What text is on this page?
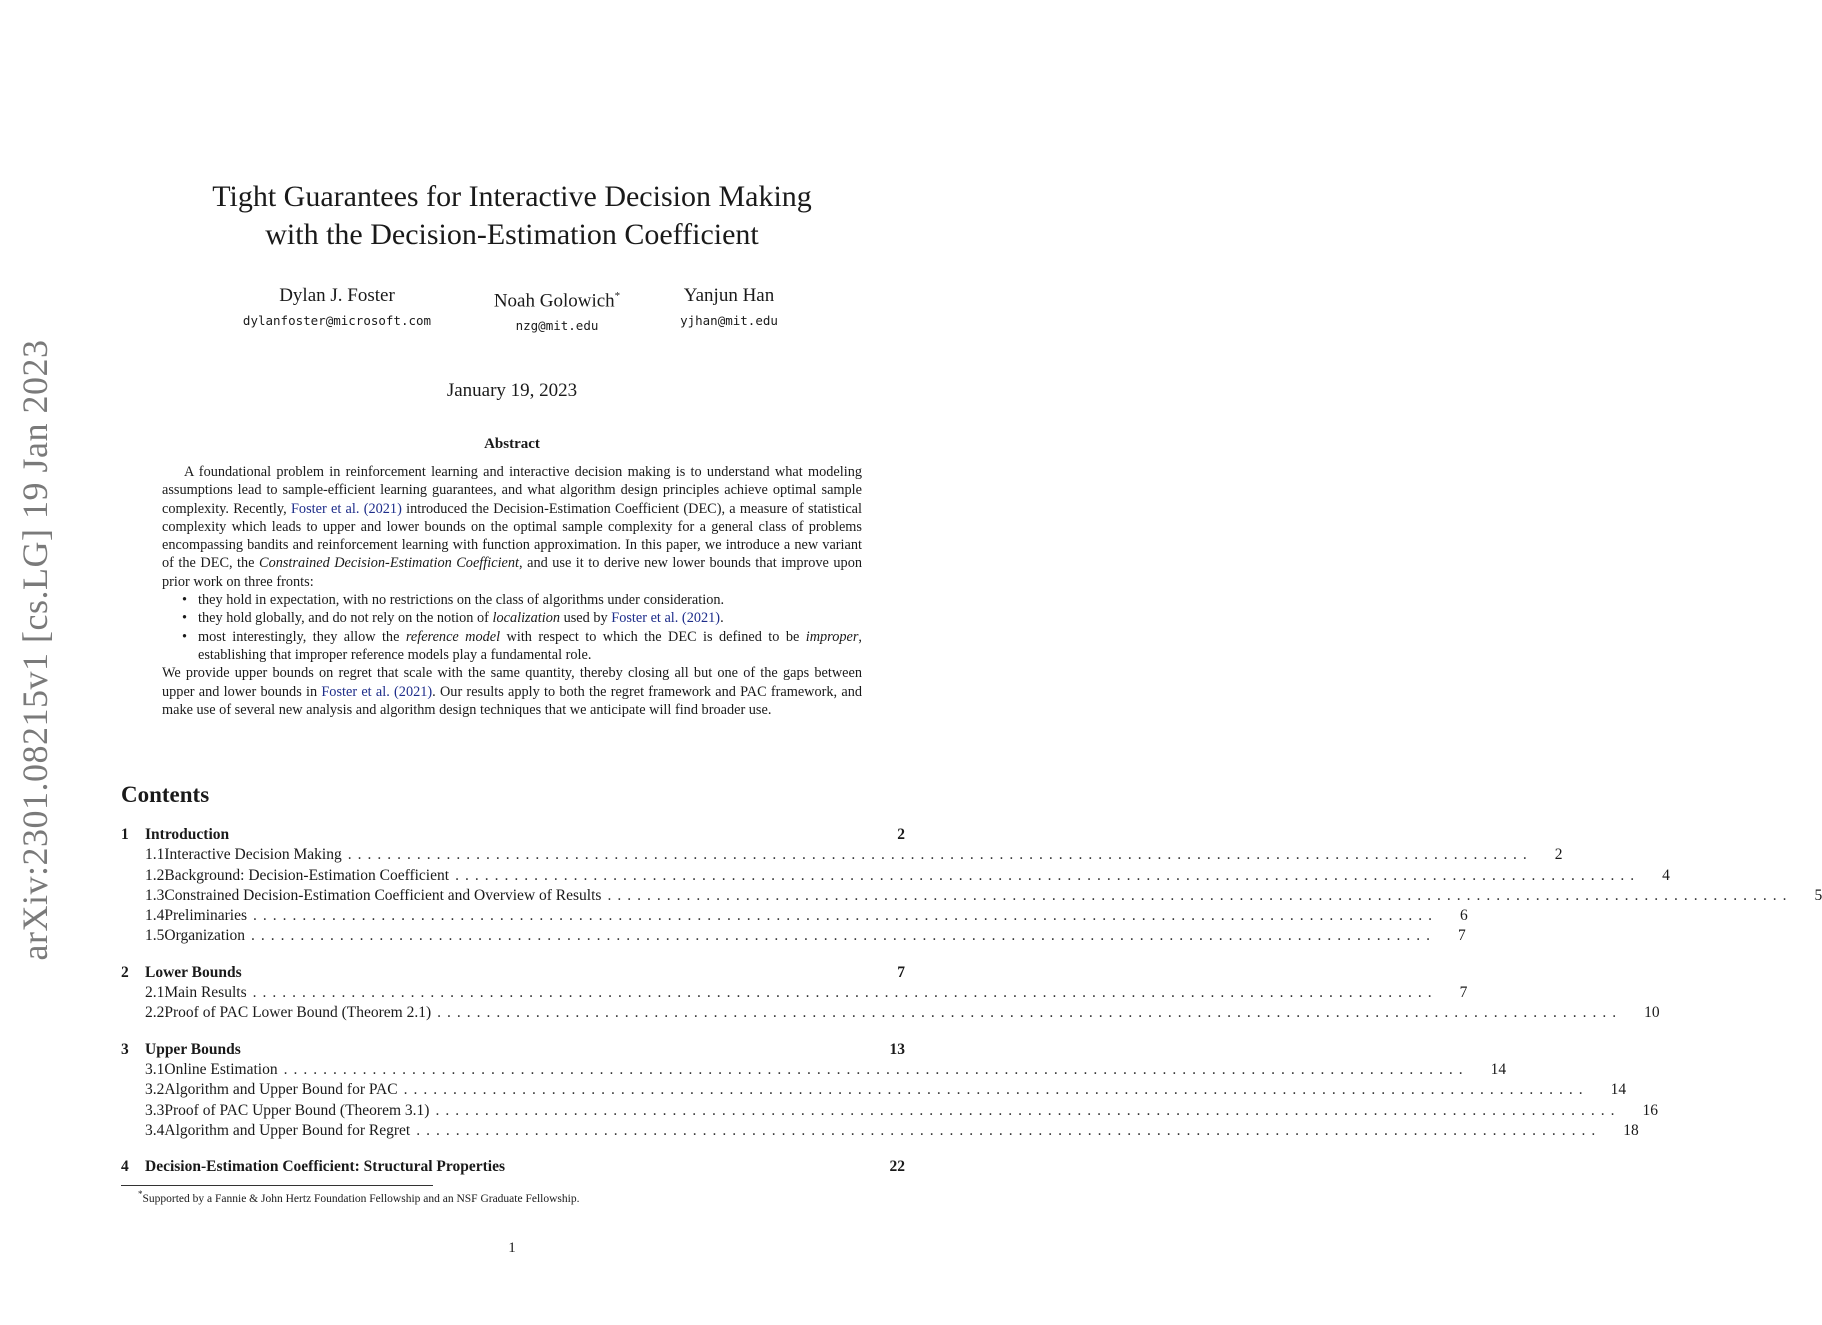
arXiv:2301.08215v1 [cs.LG] 19 Jan 2023
Tight Guarantees for Interactive Decision Making
with the Decision-Estimation Coefficient
Dylan J. Foster
dylanfoster@microsoft.com
Noah Golowich*
nzg@mit.edu
Yanjun Han
yjhan@mit.edu
January 19, 2023
Abstract

A foundational problem in reinforcement learning and interactive decision making is to understand what modeling assumptions lead to sample-efficient learning guarantees, and what algorithm design principles achieve optimal sample complexity. Recently, Foster et al. (2021) introduced the Decision-Estimation Coefficient (DEC), a measure of statistical complexity which leads to upper and lower bounds on the optimal sample complexity for a general class of problems encompassing bandits and reinforcement learning with function approximation. In this paper, we introduce a new variant of the DEC, the Constrained Decision-Estimation Coefficient, and use it to derive new lower bounds that improve upon prior work on three fronts:

• they hold in expectation, with no restrictions on the class of algorithms under consideration.
• they hold globally, and do not rely on the notion of localization used by Foster et al. (2021).
• most interestingly, they allow the reference model with respect to which the DEC is defined to be improper, establishing that improper reference models play a fundamental role.

We provide upper bounds on regret that scale with the same quantity, thereby closing all but one of the gaps between upper and lower bounds in Foster et al. (2021). Our results apply to both the regret framework and PAC framework, and make use of several new analysis and algorithm design techniques that we anticipate will find broader use.

Contents
1	Introduction	2
1.1 Interactive Decision Making ........................................................................................................................ 2
1.2 Background: Decision-Estimation Coefficient ........................................................................................................................ 4
1.3 Constrained Decision-Estimation Coefficient and Overview of Results ........................................................................................................................ 5
1.4 Preliminaries ........................................................................................................................ 6
1.5 Organization ........................................................................................................................ 7
2	Lower Bounds	7
2.1 Main Results ........................................................................................................................ 7
2.2 Proof of PAC Lower Bound (Theorem 2.1) ........................................................................................................................ 10
3	Upper Bounds	13
3.1 Online Estimation ........................................................................................................................ 14
3.2 Algorithm and Upper Bound for PAC ........................................................................................................................ 14
3.3 Proof of PAC Upper Bound (Theorem 3.1) ........................................................................................................................ 16
3.4 Algorithm and Upper Bound for Regret ........................................................................................................................ 18
4	Decision-Estimation Coefficient: Structural Properties	22
*Supported by a Fannie & John Hertz Foundation Fellowship and an NSF Graduate Fellowship.
1
